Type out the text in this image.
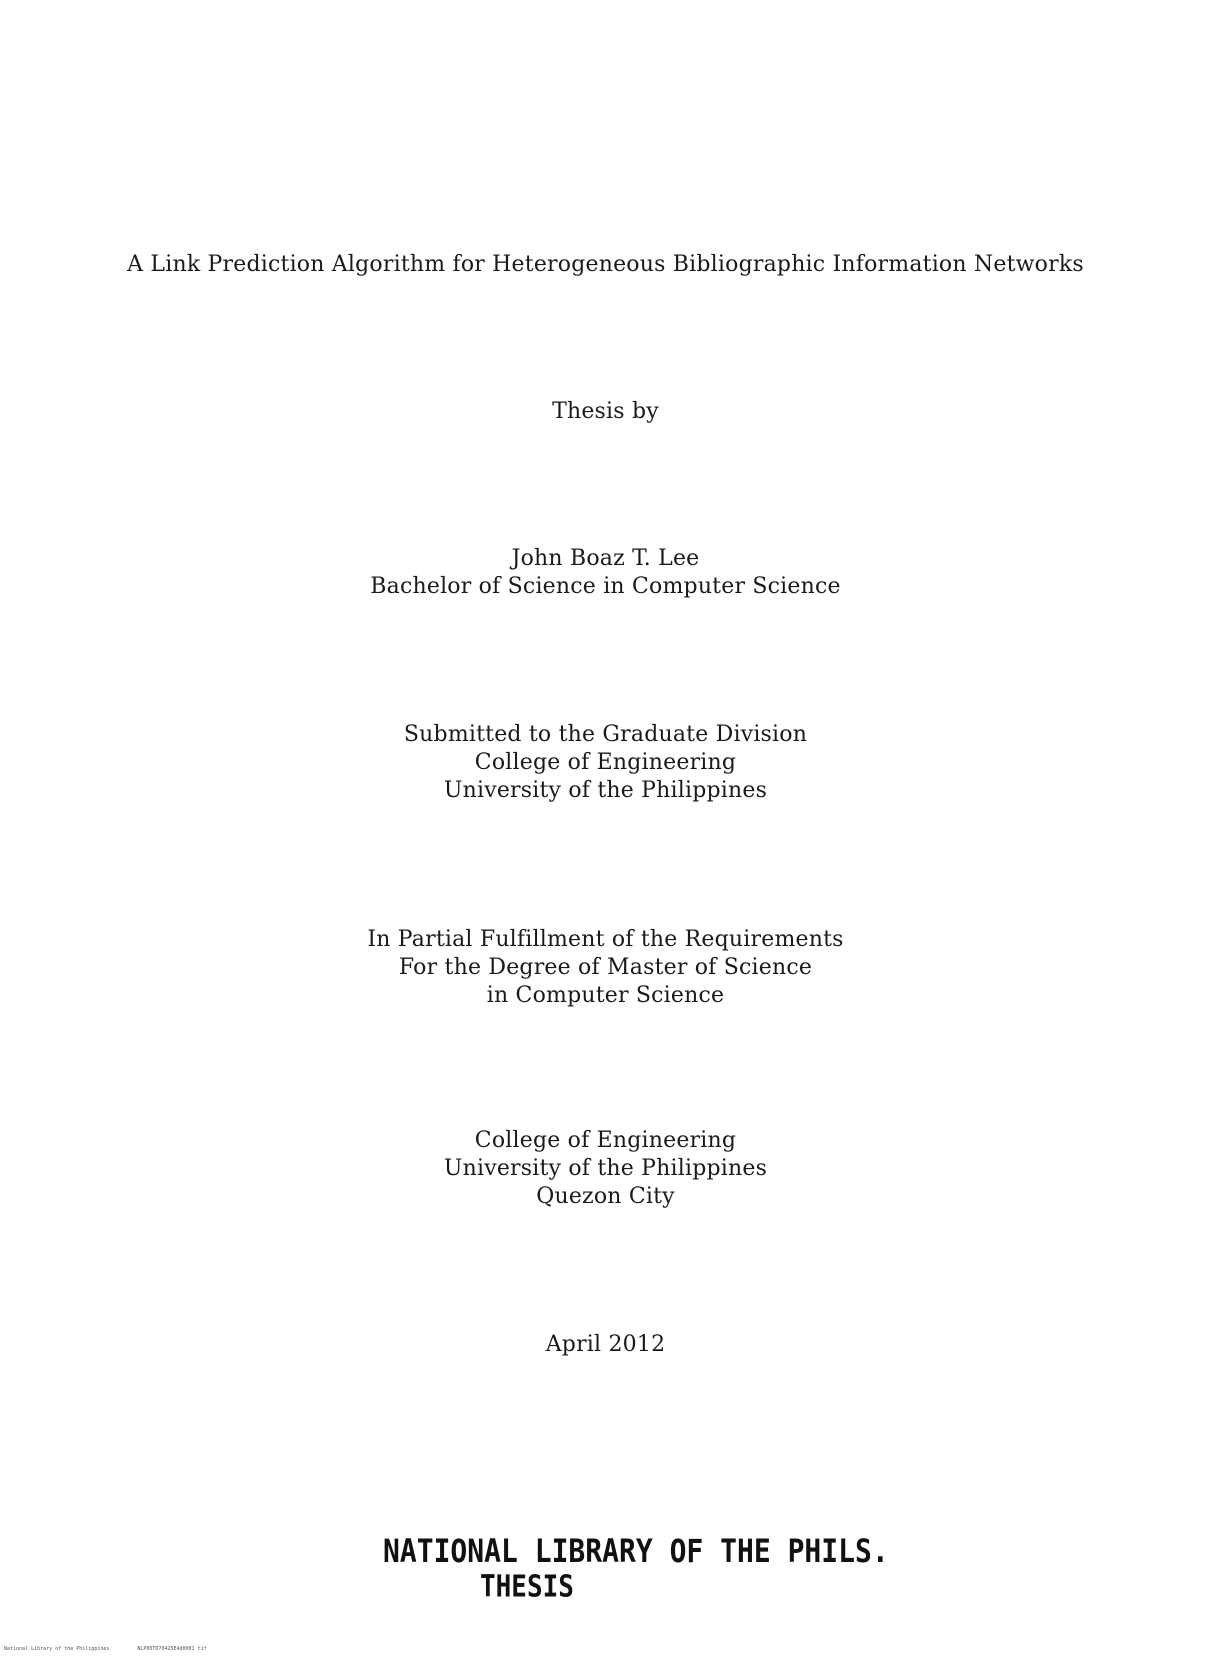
A Link Prediction Algorithm for Heterogeneous Bibliographic Information Networks
Thesis by
John Boaz T. Lee
Bachelor of Science in Computer Science
Submitted to the Graduate Division
College of Engineering
University of the Philippines
In Partial Fulfillment of the Requirements
For the Degree of Master of Science
in Computer Science
College of Engineering
University of the Philippines
Quezon City
April 2012
NATIONAL LIBRARY OF THE PHILS.
THESIS
National Library of the Philippines	NLP00TD70425E4d0001 tif
